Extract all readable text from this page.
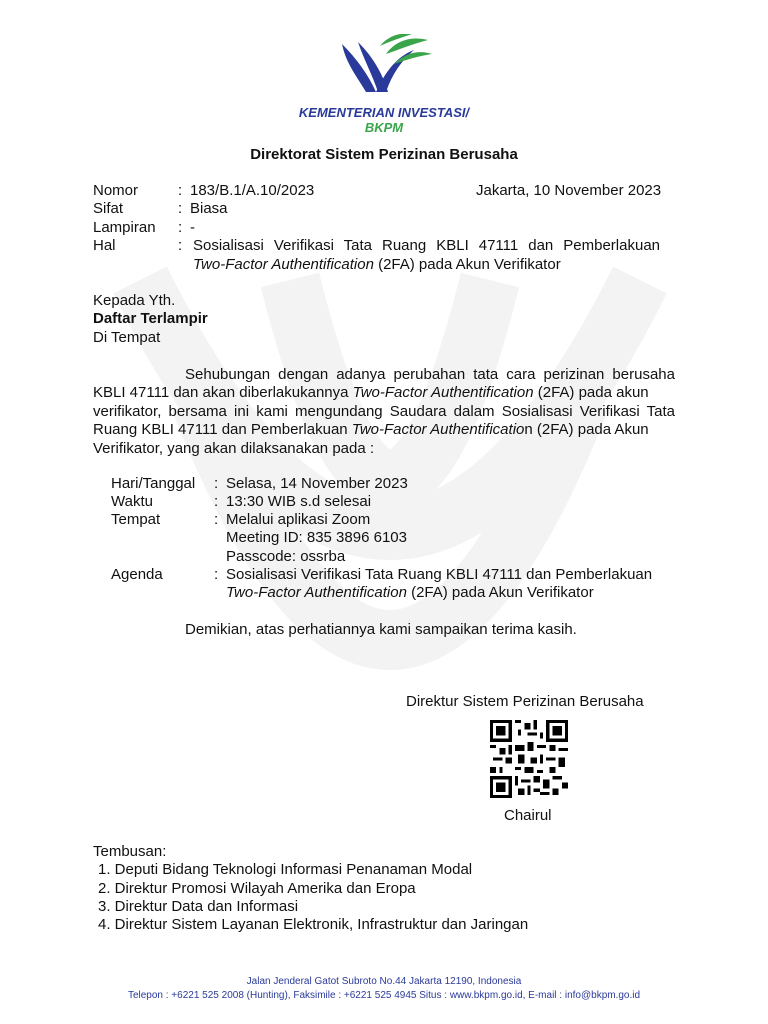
KEMENTERIAN INVESTASI/
BKPM
Direktorat Sistem Perizinan Berusaha
Nomor	: 183/B.1/A.10/2023	Jakarta, 10 November 2023
Sifat	: Biasa
Lampiran : -
Hal	: Sosialisasi Verifikasi Tata Ruang KBLI 47111 dan Pemberlakuan
Two-Factor Authentification (2FA) pada Akun Verifikator
Kepada Yth.
Daftar Terlampir
Di Tempat
Sehubungan dengan adanya perubahan tata cara perizinan berusaha
KBLI 47111 dan akan diberlakukannya Two-Factor Authentification (2FA) pada akun
verifikator, bersama ini kami mengundang Saudara dalam Sosialisasi Verifikasi Tata
Ruang KBLI 47111 dan Pemberlakuan Two-Factor Authentification (2FA) pada Akun
Verifikator, yang akan dilaksanakan pada :
Hari/Tanggal : Selasa, 14 November 2023
Waktu	: 13:30 WIB s.d selesai
Tempat	: Melalui aplikasi Zoom
Meeting ID: 835 3896 6103
Passcode: ossrba
Agenda	: Sosialisasi Verifikasi Tata Ruang KBLI 47111 dan Pemberlakuan
Two-Factor Authentification (2FA) pada Akun Verifikator
Demikian, atas perhatiannya kami sampaikan terima kasih.
Direktur Sistem Perizinan Berusaha
Chairul
Tembusan:
1. Deputi Bidang Teknologi Informasi Penanaman Modal
2. Direktur Promosi Wilayah Amerika dan Eropa
3. Direktur Data dan Informasi
4. Direktur Sistem Layanan Elektronik, Infrastruktur dan Jaringan
Jalan Jenderal Gatot Subroto No.44 Jakarta 12190, Indonesia
Telepon : +6221 525 2008 (Hunting), Faksimile : +6221 525 4945 Situs : www.bkpm.go.id, E-mail : info@bkpm.go.id
